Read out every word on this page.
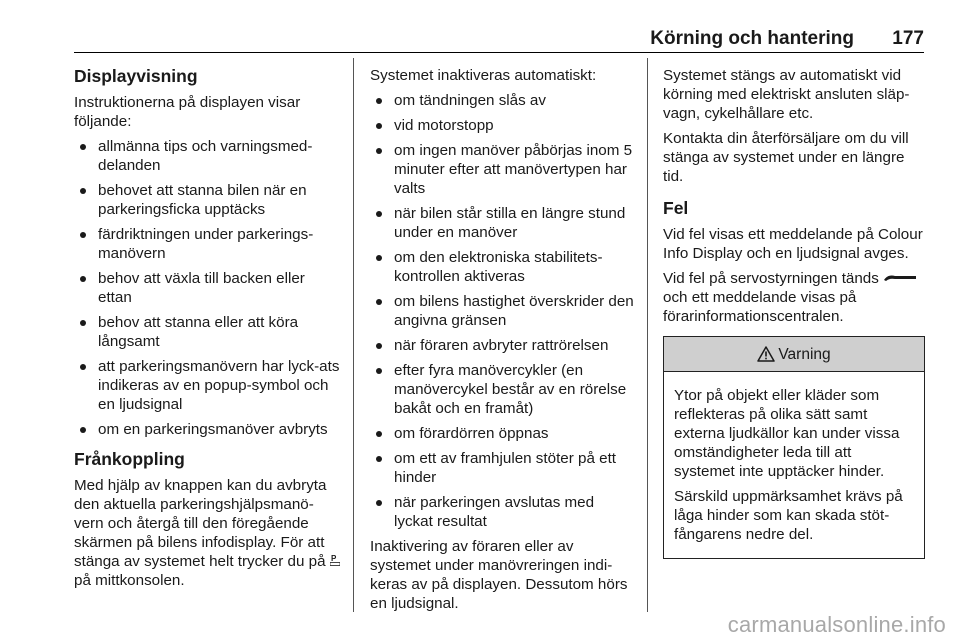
Körning och hantering 177
Displayvisning

Instruktionerna på displayen visar följande:

allmänna tips och varningsmed-delanden
behovet att stanna bilen när en parkeringsficka upptäcks
färdriktningen under parkerings-manövern
behov att växla till backen eller ettan
behov att stanna eller att köra långsamt
att parkeringsmanövern har lyck-ats indikeras av en popup-symbol och en ljudsignal
om en parkeringsmanöver avbryts
Frånkoppling

Med hjälp av knappen kan du avbryta den aktuella parkeringshjälpsmanö-vern och återgå till den föregående skärmen på bilens infodisplay. För att stänga av systemet helt trycker du på P
på mittkonsolen.

Systemet inaktiveras automatiskt:

om tändningen slås av
vid motorstopp
om ingen manöver påbörjas inom 5 minuter efter att manövertypen har valts
när bilen står stilla en längre stund under en manöver
om den elektroniska stabilitets-kontrollen aktiveras
om bilens hastighet överskrider den angivna gränsen
när föraren avbryter rattrörelsen
efter fyra manövercykler (en manövercykel består av en rörelse bakåt och en framåt)
om förardörren öppnas
om ett av framhjulen stöter på ett hinder
när parkeringen avslutas med lyckat resultat

Inaktivering av föraren eller av systemet under manövreringen indi-keras av på displayen. Dessutom hörs en ljudsignal.

Systemet stängs av automatiskt vid körning med elektriskt ansluten släp-vagn, cykelhållare etc.

Kontakta din återförsäljare om du vill stänga av systemet under en längre tid.

Fel

Vid fel visas ett meddelande på Colour Info Display och en ljudsignal avges.

Vid fel på servostyrningen tänds  och ett meddelande visas på förarinformationscentralen.

Varning

Ytor på objekt eller kläder som reflekteras på olika sätt samt externa ljudkällor kan under vissa omständigheter leda till att systemet inte upptäcker hinder.

Särskild uppmärksamhet krävs på låga hinder som kan skada stöt-fångarens nedre del.

carmanualsonline.info
